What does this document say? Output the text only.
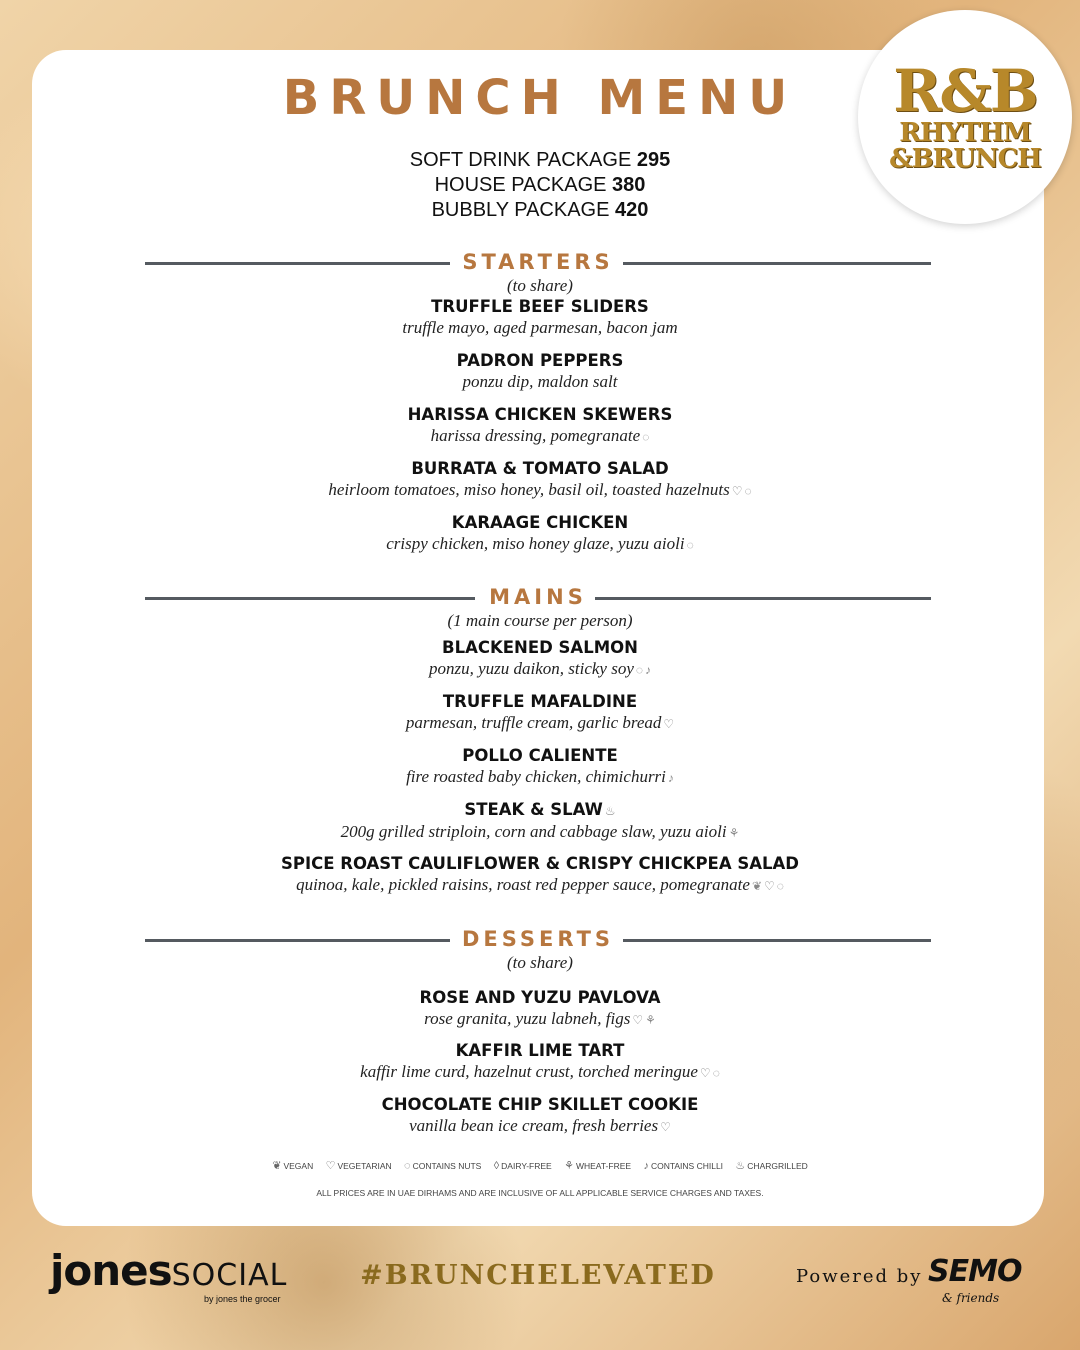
R&B
RHYTHM
&BRUNCH
BRUNCH MENU
SOFT DRINK PACKAGE 295
HOUSE PACKAGE 380
BUBBLY PACKAGE 420
STARTERS
(to share)
TRUFFLE BEEF SLIDERS
truffle mayo, aged parmesan, bacon jam
PADRON PEPPERS
ponzu dip, maldon salt
HARISSA CHICKEN SKEWERS
harissa dressing, pomegranate ◌
BURRATA & TOMATO SALAD
heirloom tomatoes, miso honey, basil oil, toasted hazelnuts ♡ ◌
KARAAGE CHICKEN
crispy chicken, miso honey glaze, yuzu aioli ◌
MAINS
(1 main course per person)
BLACKENED SALMON
ponzu, yuzu daikon, sticky soy ◌ ♪
TRUFFLE MAFALDINE
parmesan, truffle cream, garlic bread ♡
POLLO CALIENTE
fire roasted baby chicken, chimichurri ♪
STEAK & SLAW ♨
200g grilled striploin, corn and cabbage slaw, yuzu aioli ⚘
SPICE ROAST CAULIFLOWER & CRISPY CHICKPEA SALAD
quinoa, kale, pickled raisins, roast red pepper sauce, pomegranate ❦ ♡ ◌
DESSERTS
(to share)
ROSE AND YUZU PAVLOVA
rose granita, yuzu labneh, figs ♡ ⚘
KAFFIR LIME TART
kaffir lime curd, hazelnut crust, torched meringue ♡ ◌
CHOCOLATE CHIP SKILLET COOKIE
vanilla bean ice cream, fresh berries ♡
❦ VEGAN ♡ VEGETARIAN ◌ CONTAINS NUTS ◊ DAIRY-FREE ⚘ WHEAT-FREE ♪ CONTAINS CHILLI ♨ CHARGRILLED
ALL PRICES ARE IN UAE DIRHAMS AND ARE INCLUSIVE OF ALL APPLICABLE SERVICE CHARGES AND TAXES.
jonesSOCIAL
by jones the grocer
#BRUNCHELEVATED	Powered by SEMO
& friends
